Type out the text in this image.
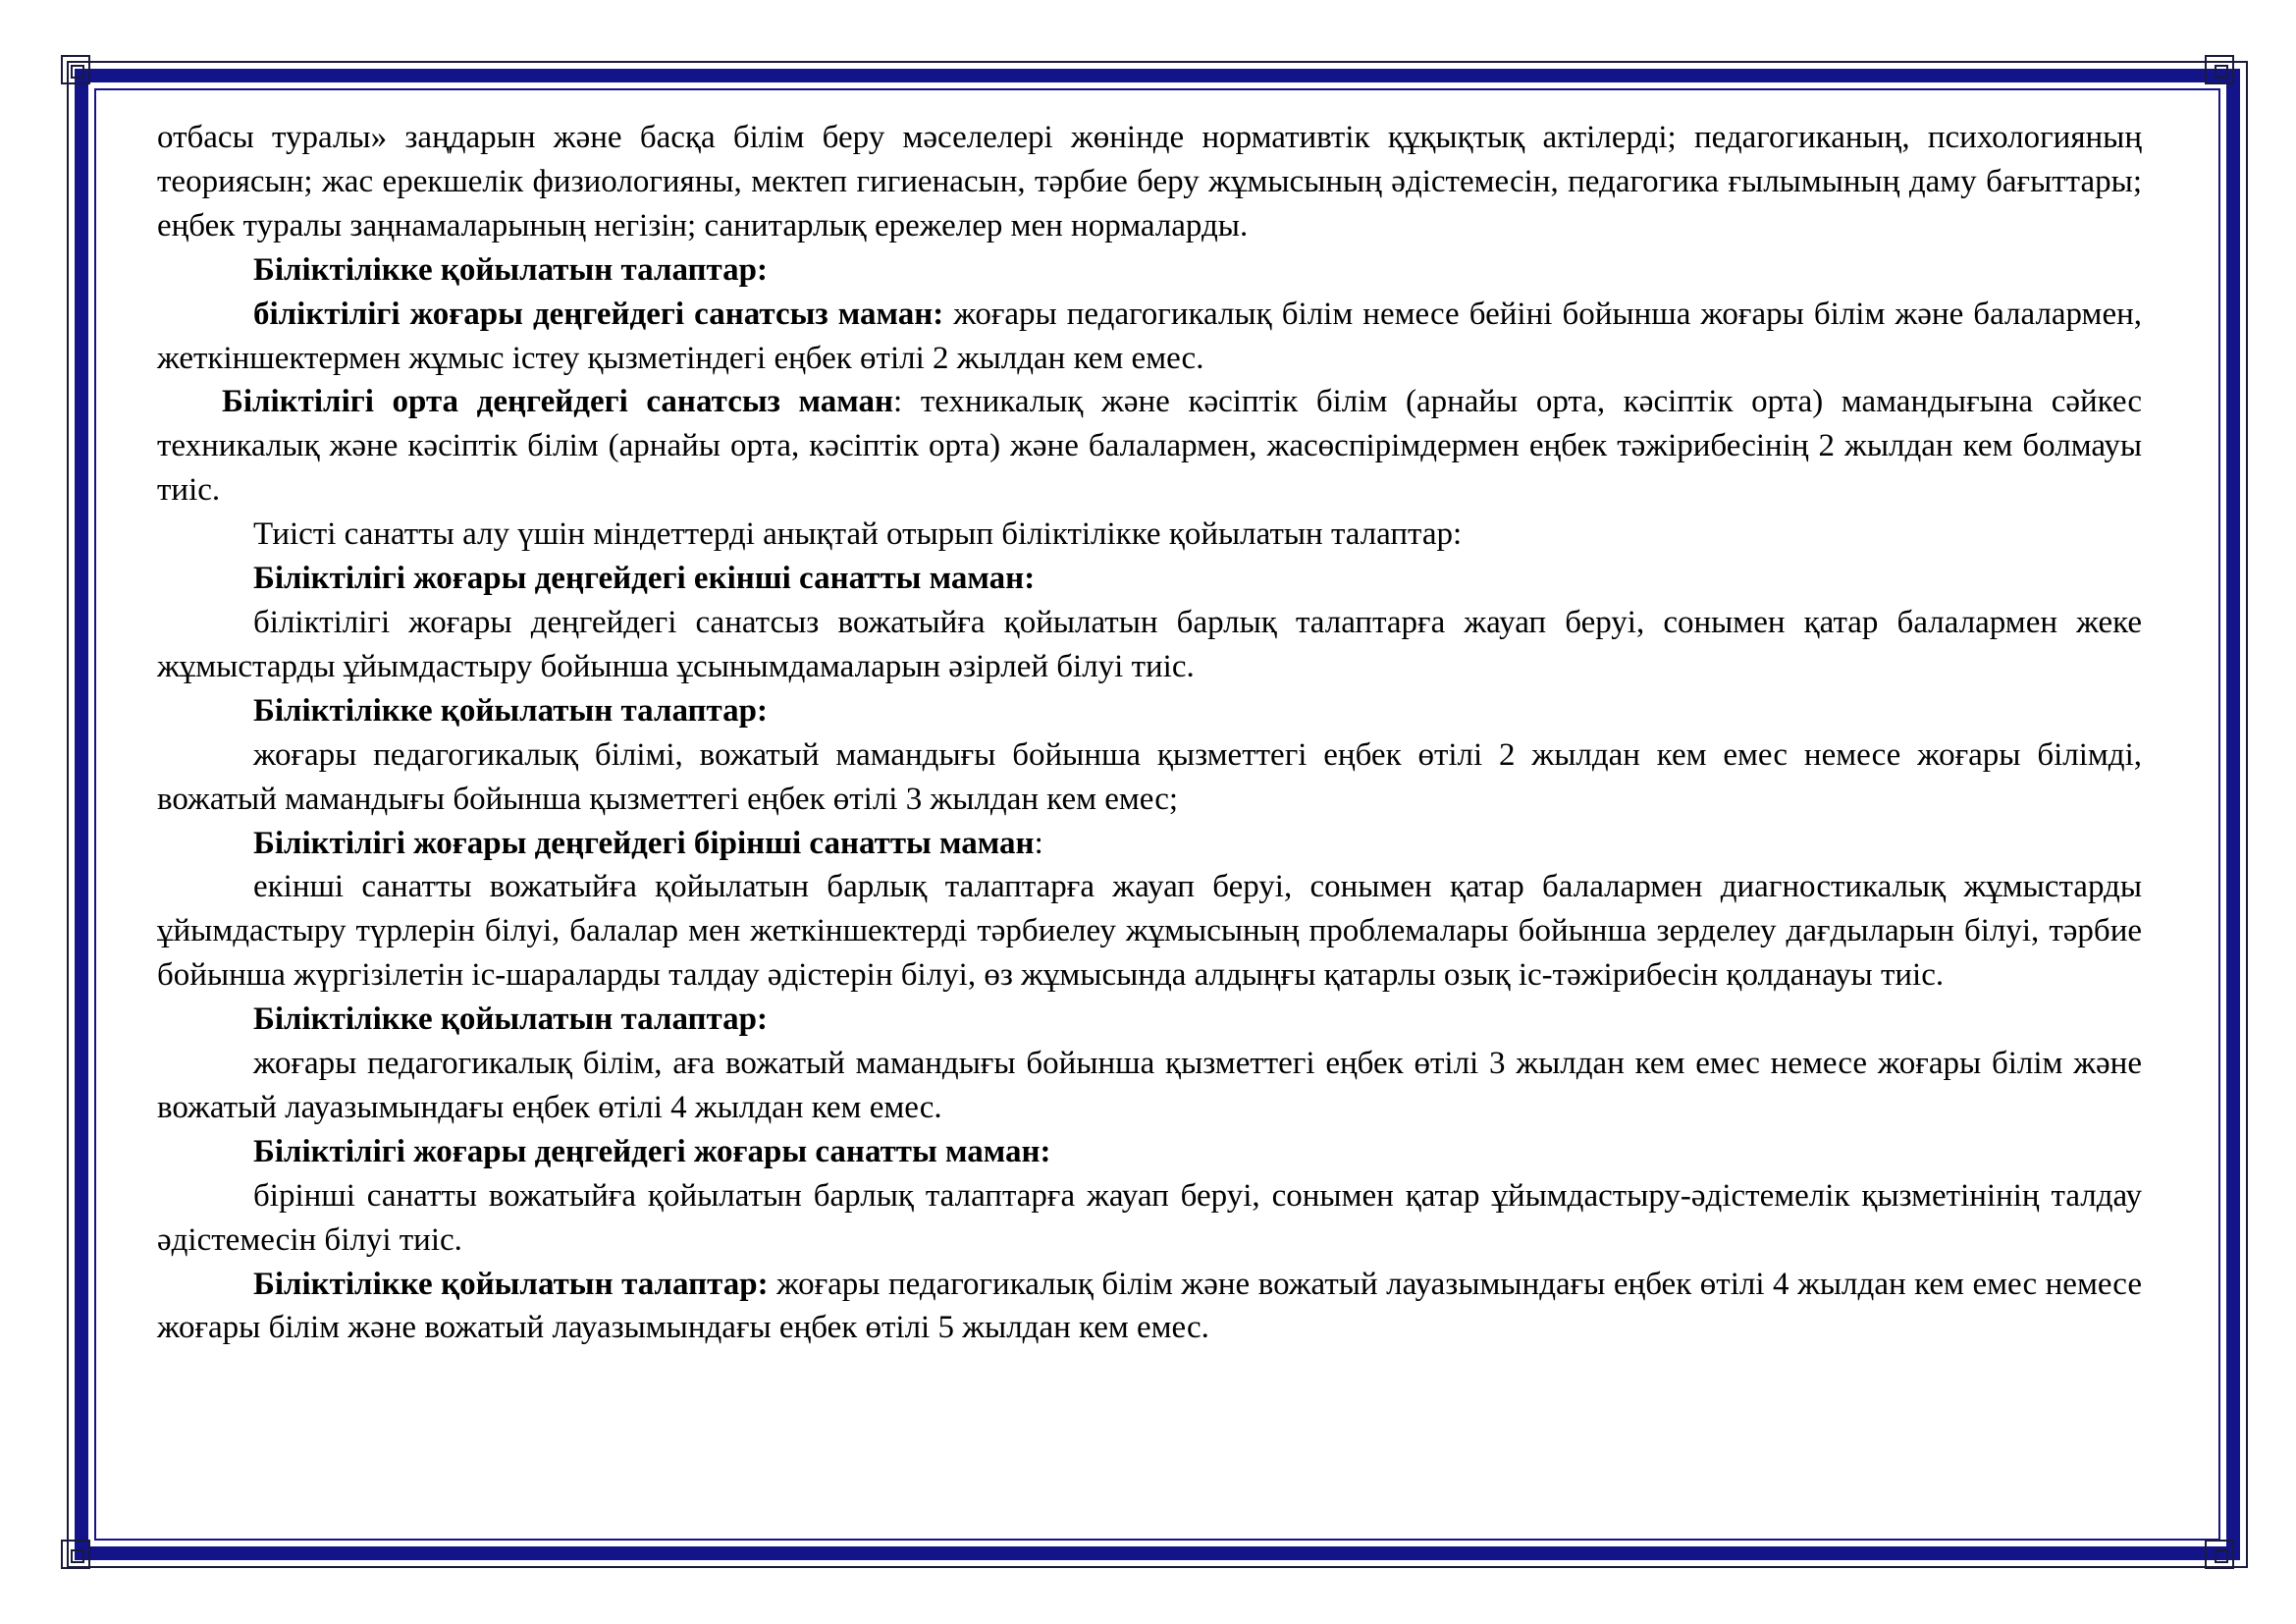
отбасы туралы» заңдарын және басқа білім беру мәселелері жөнінде нормативтік құқықтық актілерді; педагогиканың, психологияның теориясын; жас ерекшелік физиологияны, мектеп гигиенасын, тәрбие беру жұмысының әдістемесін, педагогика ғылымының даму бағыттары; еңбек туралы заңнамаларының негізін; санитарлық ережелер мен нормаларды.

Біліктілікке қойылатын талаптар:

біліктілігі жоғары деңгейдегі санатсыз маман: жоғары педагогикалық білім немесе бейіні бойынша жоғары білім және балалармен, жеткіншектермен жұмыс істеу қызметіндегі еңбек өтілі 2 жылдан кем емес.

Біліктілігі орта деңгейдегі санатсыз маман: техникалық және кәсіптік білім (арнайы орта, кәсіптік орта) мамандығына сәйкес техникалық және кәсіптік білім (арнайы орта, кәсіптік орта) және балалармен, жасөспірімдермен еңбек тәжірибесінің 2 жылдан кем болмауы тиіс.

Тиісті санатты алу үшін міндеттерді анықтай отырып біліктілікке қойылатын талаптар:

Біліктілігі жоғары деңгейдегі екінші санатты маман:

біліктілігі жоғары деңгейдегі санатсыз вожатыйға қойылатын барлық талаптарға жауап беруі, сонымен қатар балалармен жеке жұмыстарды ұйымдастыру бойынша ұсынымдамаларын әзірлей білуі тиіс.

Біліктілікке қойылатын талаптар:

жоғары педагогикалық білімі, вожатый мамандығы бойынша қызметтегі еңбек өтілі 2 жылдан кем емес немесе жоғары білімді, вожатый мамандығы бойынша қызметтегі еңбек өтілі 3 жылдан кем емес;

Біліктілігі жоғары деңгейдегі бірінші санатты маман:

екінші санатты вожатыйға қойылатын барлық талаптарға жауап беруі, сонымен қатар балалармен диагностикалық жұмыстарды ұйымдастыру түрлерін білуі, балалар мен жеткіншектерді тәрбиелеу жұмысының проблемалары бойынша зерделеу дағдыларын білуі, тәрбие бойынша жүргізілетін іс-шараларды талдау әдістерін білуі, өз жұмысында алдыңғы қатарлы озық іс-тәжірибесін қолданауы тиіс.

Біліктілікке қойылатын талаптар:

жоғары педагогикалық білім, аға вожатый мамандығы бойынша қызметтегі еңбек өтілі 3 жылдан кем емес немесе жоғары білім және вожатый лауазымындағы еңбек өтілі 4 жылдан кем емес.

Біліктілігі жоғары деңгейдегі жоғары санатты маман:

бірінші санатты вожатыйға қойылатын барлық талаптарға жауап беруі, сонымен қатар ұйымдастыру-әдістемелік қызметінінің талдау әдістемесін білуі тиіс.

Біліктілікке қойылатын талаптар: жоғары педагогикалық білім және вожатый лауазымындағы еңбек өтілі 4 жылдан кем емес немесе жоғары білім және вожатый лауазымындағы еңбек өтілі 5 жылдан кем емес.
